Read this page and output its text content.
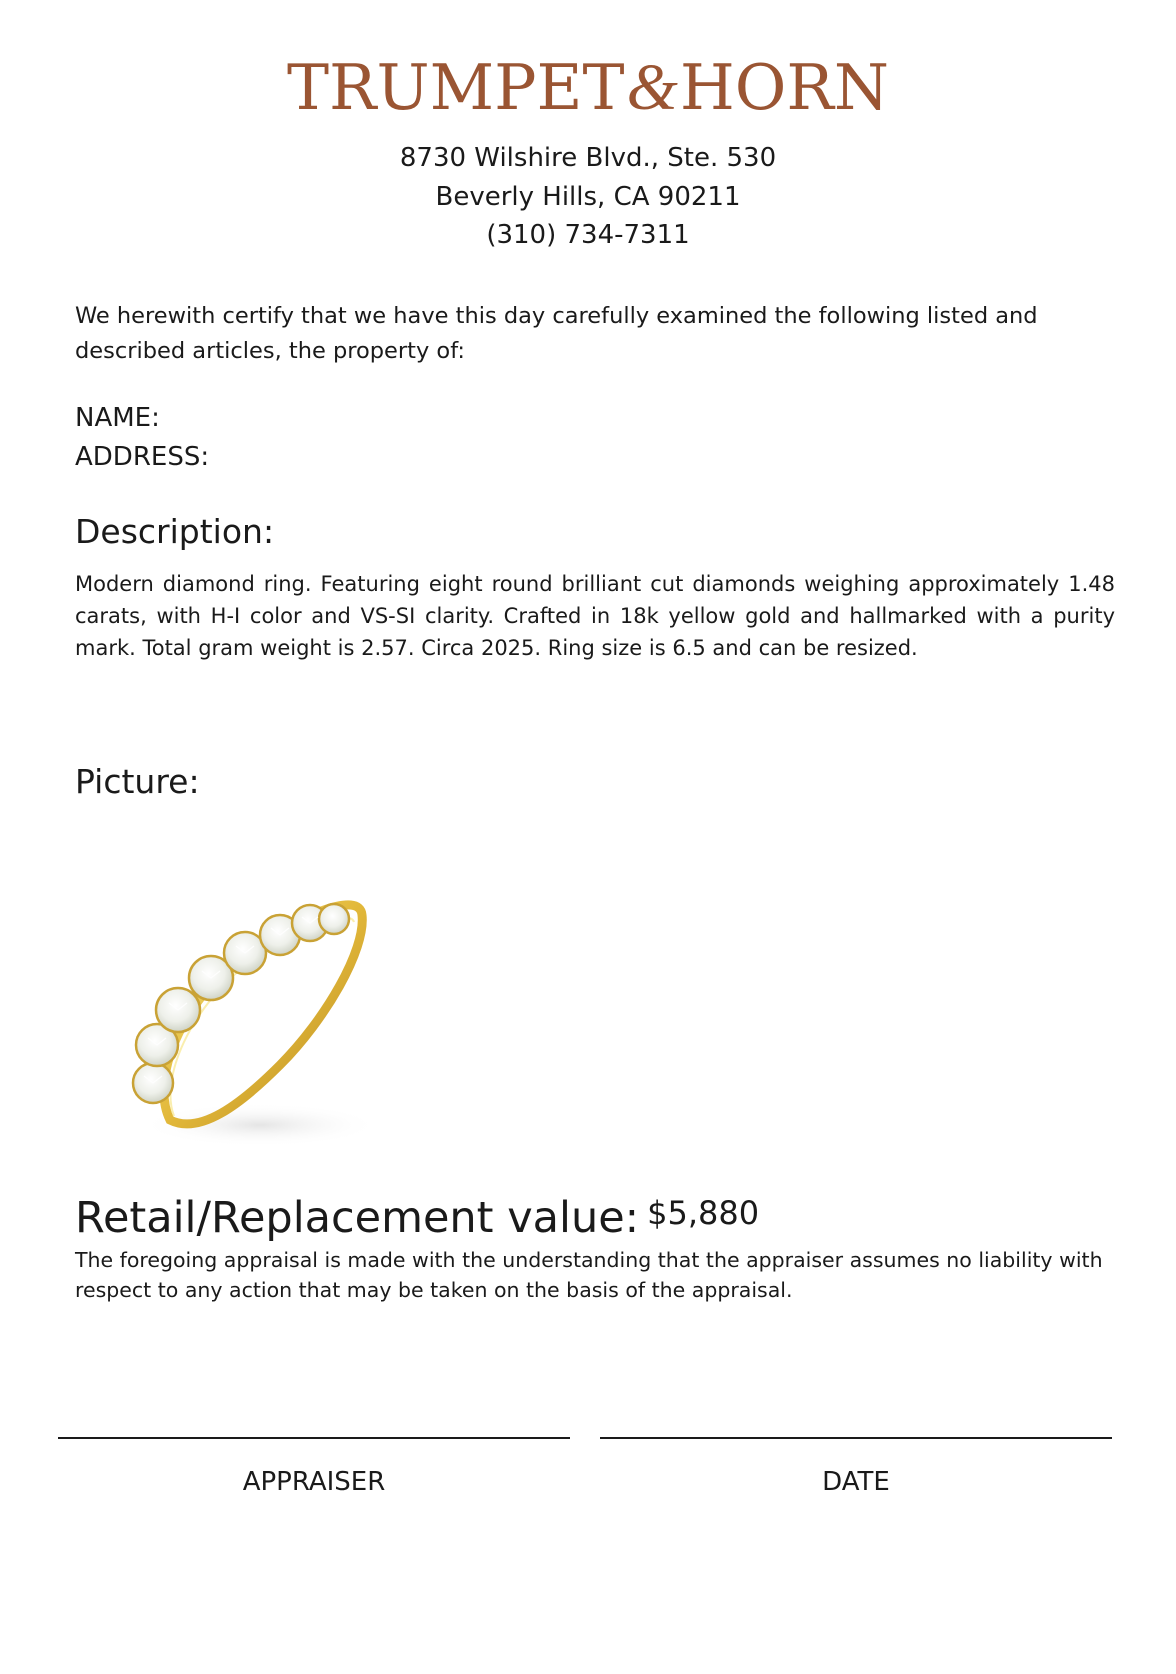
TRUMPET&HORN
8730 Wilshire Blvd., Ste. 530
Beverly Hills, CA 90211
(310) 734-7311

We herewith certify that we have this day carefully examined the following listed and described articles, the property of:

NAME:

ADDRESS:

Description:

Modern diamond ring. Featuring eight round brilliant cut diamonds weighing approximately 1.48 carats, with H-I color and VS-SI clarity. Crafted in 18k yellow gold and hallmarked with a purity mark. Total gram weight is 2.57. Circa 2025. Ring size is 6.5 and can be resized.

Picture:
Retail/Replacement value: $5,880

The foregoing appraisal is made with the understanding that the appraiser assumes no liability with respect to any action that may be taken on the basis of the appraisal.

APPRAISER	DATE
